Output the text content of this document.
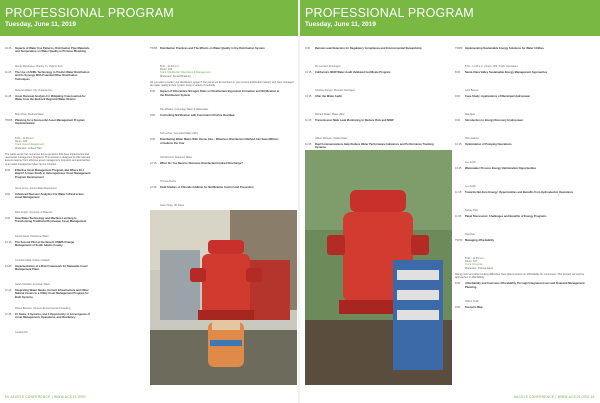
PROFESSIONAL PROGRAM
Tuesday, June 11, 2019
10:45 Impacts of Water Use Patterns, Distribution Pipe Materials, and Temperature on Water Quality in Premise Plumbing
Wendy Mandolsen, Zhanhe Yu, Virginia Tech
11:15 The Use of AI/ML Technology to Predict Water Distribution and Its Synergy With Potential Other Distribution Techniques
Rebecca Walter, City of Santa Ana
11:45 Asset Renewal Analysis for Mitigating Unaccounted-for Water from the Bedrock Regional Water District
Brian Rose, Bedrock Water
T5065 Planning for a Successful Asset Management Program Implementation
8:30 – 11:45 a.m.
Room: 403
Track: Asset Management
Moderator: Colleen Hart
The water sector has numerous focus questions that have implemented and used asset management programs. This session is designed to offer relevant lessons learned from effective asset management programs and approaches, to an asset management plan can be complex.
8:30 Effective Asset Management Program, But Where Do I Begin? A Case Study in Heterogeneous Asset Management Program Development
Steve Grove, Aurora Water Department
9:00 Advanced Decision Analytics For Water Infrastructure Asset Management
Mark Knight, University of Waterloo
9:30 How Water Technology and Machine Learning Is Transforming Traditional Drycleaner Asset Management
Dennis Ikeda, Hawthorne Water
10:15 The Second Pilot at the Desert, CMMS Change Management of South Adams County
Jonathan Mack, Kristen Caldwell
10:45 Implementation of a Risk Framework for Statewide Asset Management Plans
Sarah Chandler, American Water
11:15 Integrating Water Needs, Current Infrastructure and Other Natural Assets to a Utility Asset Management Program for Both Systems
Robert Bouchet, Canesco Environmental Consulting
11:45 21 Tasks, 3 Systems, and 1 Opportunity: A Convergence of Asset Management, Operations, and Resiliency
Jessica Kirk
T5066 Distribution Practices and The Effects on Water Quality in the Distribution System
8:30 – 11:45 a.m.
Room: 404
Track: Distribution Operations & Management
Moderator: Donald Brackett
Do you want to better your distribution system? Our panel are all members in your current distribution industry and have managed the water quality in their system using a variety of methods.
8:30 Impact of Chloramine Nitrogen Ratio on Disinfectant Byproduct Formation and Nitrification in the Distribution System
Dan Whalen, Anchorage Water & Wastewater
9:00 Controlling Nitrification with Consistent Chlorine Residual
Ted Lechler, Greenfield Water Utility
9:30 Distributing Water Mains With Ozone Gas – Waterless Disinfection Method Can Save Millions of Gallons Per Year
Jeff Morrison, Anderson Water
10:15 When Do You Need to Decrease Disinfectant Hydrant Discharge?
Thomas Roche
10:45 Field Studies of Chloride Addition for Nitrification Control and Prevention
Jason Stipe, UC Davis
60 #ACE19 CONFERENCE | WWW.ACE19.ORG
PROFESSIONAL PROGRAM
Tuesday, June 11, 2019
9:30 Remote Leak Detection for Regulatory Compliance and Environmental Stewardship
Ian Leonard, Echologics
10:15 California's NEW Water Audit Validated Certificate Program
Caroline Sturges, Brendan Harrington
10:45 After the Water Audit
Richard Waller, Water Utility
11:15 Transmission Main Leak Monitoring to Reduce Risk and NRW
Gilbert Monteiro, Halifax Water
11:45 Real Communications Help Reduce Water Performance Indicators and Performance Tracking Systems
T5069 Implementing Sustainable Energy Solutions for Water Utilities
8:30 – 11:45 a.m. | Room: 406 | Track: Operations
8:30 Santa Clara Valley Sustainable Energy Management Approaches
John Benson
9:00 Case Study: Applications of Municipal Hydropower
Rita Neal
9:30 Introduction to Energy Recovery Hydropower
Nick Jackson
10:15 Optimization of Pumping Operations
Lee Smith
10:45 Wastewater Process Energy Optimization Opportunities
Lee Smith
11:15 Towards Net-Zero Energy: Opportunities and Benefits from Hydroelectric Operations
Sanjay Patil
11:45 Panel Discussion: Challenges and Benefits of Energy Programs
Panelists
T5070 Managing Affordability
8:30 – 11:45 a.m.
Room: 407
Track: Financial
Moderator: Pamela Davis
Rising costs and other funding difficulties have placed strains on affordability for consumers. This session will explore approaches to affordability.
8:30 Affordability and Customer Affordability Through Integrated Asset and Financial Management Planning
Robert Smith
9:00 Scenario Map
#ACE19 CONFERENCE | WWW.ACE19.ORG 61
